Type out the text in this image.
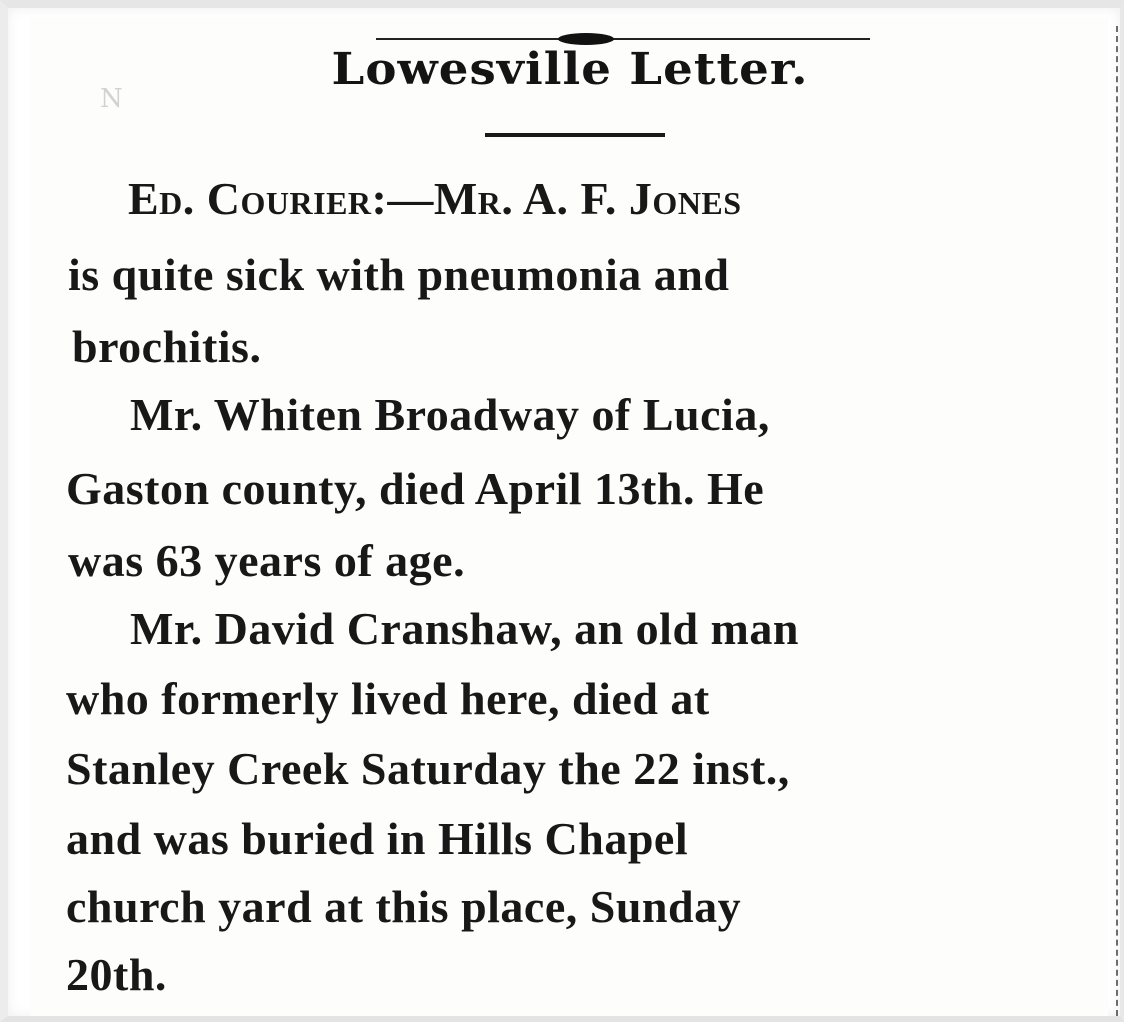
Lowesville Letter.
N
Ed. Courier:—Mr. A. F. Jones
is quite sick with pneumonia and
brochitis.
Mr. Whiten Broadway of Lucia,
Gaston county, died April 13th. He
was 63 years of age.
Mr. David Cranshaw, an old man
who formerly lived here, died at
Stanley Creek Saturday the 22 inst.,
and was buried in Hills Chapel
church yard at this place, Sunday
20th.
